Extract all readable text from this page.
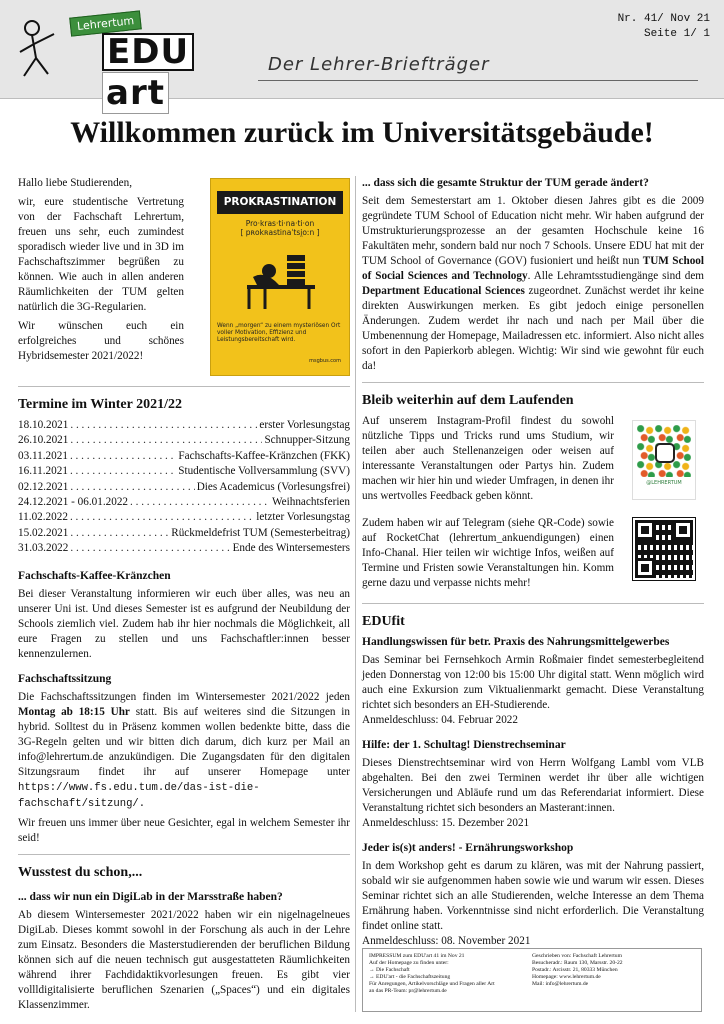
Lehrertum
EDUart
Der Lehrer-Briefträger
Nr. 41/ Nov 21
Seite 1/ 1
Willkommen zurück im Universitätsgebäude!

Hallo liebe Studierenden,

wir, eure studentische Vertretung von der Fachschaft Lehrertum, freuen uns sehr, euch zumindest sporadisch wieder live und in 3D im Fachschaftszimmer begrüßen zu können. Wie auch in allen anderen Räumlichkeiten der TUM gelten natürlich die 3G-Regularien.

Wir wünschen euch ein erfolgreiches und schönes Hybridsemester 2021/2022!

PROKRASTINATION
Pro·kras·ti·na·ti·on
[ pʀokʀastinaˈtsi̯oːn ]
Wenn „morgen“ zu einem mysteriösen Ort voller Motivation, Effizienz und Leistungsbereitschaft wird.
msgbus.com
Termine im Winter 2021/22
18.10.2021 . . .	erster Vorlesungstag
26.10.2021 . . .	Schnupper-Sitzung
03.11.2021 . . .	Fachschafts-Kaffee-Kränzchen (FKK)
16.11.2021 . . .	Studentische Vollversammlung (SVV)
02.12.2021 . . .	Dies Academicus (Vorlesungsfrei)
24.12.2021 - 06.01.2022 . . .	Weihnachtsferien
11.02.2022 . . .	letzter Vorlesungstag
15.02.2021 . . .	Rückmeldefrist TUM (Semesterbeitrag)
31.03.2022 . . .	Ende des Wintersemesters
Fachschafts-Kaffee-Kränzchen

Bei dieser Veranstaltung informieren wir euch über alles, was neu an unserer Uni ist. Und dieses Semester ist es aufgrund der Neubildung der Schools ziemlich viel. Zudem hab ihr hier nochmals die Möglichkeit, all eure Fragen zu stellen und uns Fachschaftler:innen besser kennenzulernen.

Fachschaftssitzung

Die Fachschaftssitzungen finden im Wintersemester 2021/2022 jeden Montag ab 18:15 Uhr statt. Bis auf weiteres sind die Sitzungen in hybrid. Solltest du in Präsenz kommen wollen bedenkte bitte, dass die 3G-Regeln gelten und wir bitten dich darum, dich kurz per Mail an info@lehrertum.de anzukündigen. Die Zugangsdaten für den digitalen Sitzungsraum findet ihr auf unserer Homepage unter https://www.fs.edu.tum.de/das-ist-die-fachschaft/sitzung/.

Wir freuen uns immer über neue Gesichter, egal in welchem Semester ihr seid!

Wusstest du schon,...
... dass wir nun ein DigiLab in der Marsstraße haben?

Ab diesem Wintersemester 2021/2022 haben wir ein nigelnagelneues DigiLab. Dieses kommt sowohl in der Forschung als auch in der Lehre zum Einsatz. Besonders die Masterstudierenden der beruflichen Bildung können sich auf die neuen technisch gut ausgestatteten Räumlichkeiten während ihrer Fachdidaktikvorlesungen freuen. Es gibt vier vollldigitalisierte beruflichen Szenarien („Spaces“) und ein digitales Klassenzimmer.

... dass sich die gesamte Struktur der TUM gerade ändert?

Seit dem Semesterstart am 1. Oktober diesen Jahres gibt es die 2009 gegründete TUM School of Education nicht mehr. Wir haben aufgrund der Umstrukturierungsprozesse an der gesamten Hochschule keine 16 Fakultäten mehr, sondern bald nur noch 7 Schools. Unsere EDU hat mit der TUM School of Governance (GOV) fusioniert und heißt nun TUM School of Social Sciences and Technology. Alle Lehramtsstudiengänge sind dem Department Educational Sciences zugeordnet. Zunächst werdet ihr keine direkten Auswirkungen merken. Es gibt jedoch einige personellen Änderungen. Zudem werdet ihr nach und nach per Mail über die Umbenennung der Homepage, Mailadressen etc. informiert. Also nicht alles sofort in den Papierkorb ablegen. Wichtig: Wir sind wie gewohnt für euch da!

Bleib weiterhin auf dem Laufenden

Auf unserem Instagram-Profil findest du sowohl nützliche Tipps und Tricks rund ums Studium, wir teilen aber auch Stellenanzeigen oder weisen auf interessante Veranstaltungen oder Partys hin. Zudem machen wir hier hin und wieder Umfragen, in denen ihr uns wertvolles Feedback geben könnt.

Zudem haben wir auf Telegram (siehe QR-Code) sowie auf RocketChat (lehrertum_ankuendigungen) einen Info-Chanal. Hier teilen wir wichtige Infos, weißen auf Termine und Fristen sowie Veranstaltungen hin. Komm gerne dazu und verpasse nichts mehr!

@LEHRERTUM
EDUfit
Handlungswissen für betr. Praxis des Nahrungsmittelgewerbes

Das Seminar bei Fernsehkoch Armin Roßmaier findet semesterbegleitend jeden Donnerstag von 12:00 bis 15:00 Uhr digital statt. Wenn möglich wird auch eine Exkursion zum Viktualienmarkt gemacht. Diese Veranstaltung richtet sich besonders an EH-Studierende.

Anmeldeschluss: 04. Februar 2022

Hilfe: der 1. Schultag! Dienstrechseminar

Dieses Dienstrechtseminar wird von Herrn Wolfgang Lambl vom VLB abgehalten. Bei den zwei Terminen werdet ihr über alle wichtigen Versicherungen und Abläufe rund um das Referendariat informiert. Diese Veranstaltung richtet sich besonders an Masterant:innen.

Anmeldeschluss: 15. Dezember 2021

Jeder is(s)t anders! - Ernährungsworkshop

In dem Workshop geht es darum zu klären, was mit der Nahrung passiert, sobald wir sie aufgenommen haben sowie wie und warum wir essen. Dieses Seminar richtet sich an alle Studierenden, welche Interesse an dem Thema Ernährung haben. Vorkenntnisse sind nicht erforderlich. Die Veranstaltung findet online statt.

Anmeldeschluss: 08. November 2021

IMPRESSUM zum EDU'art 41 im Nov 21
Auf der Homepage zu finden unter:
→ Die Fachschaft
→ EDU'art - die Fachschaftszeitung
Für Anregungen, Artikelvorschläge und Fragen aller Art
an das PR-Team: pr@lehrertum.de
Geschrieben von: Fachschaft Lehrertum
Besucheradr.: Raum 130, Marsstr. 20-22
Postadr.: Arcisstr. 21, 80333 München
Homepage: www.lehrertum.de
Mail: info@lehrertum.de
